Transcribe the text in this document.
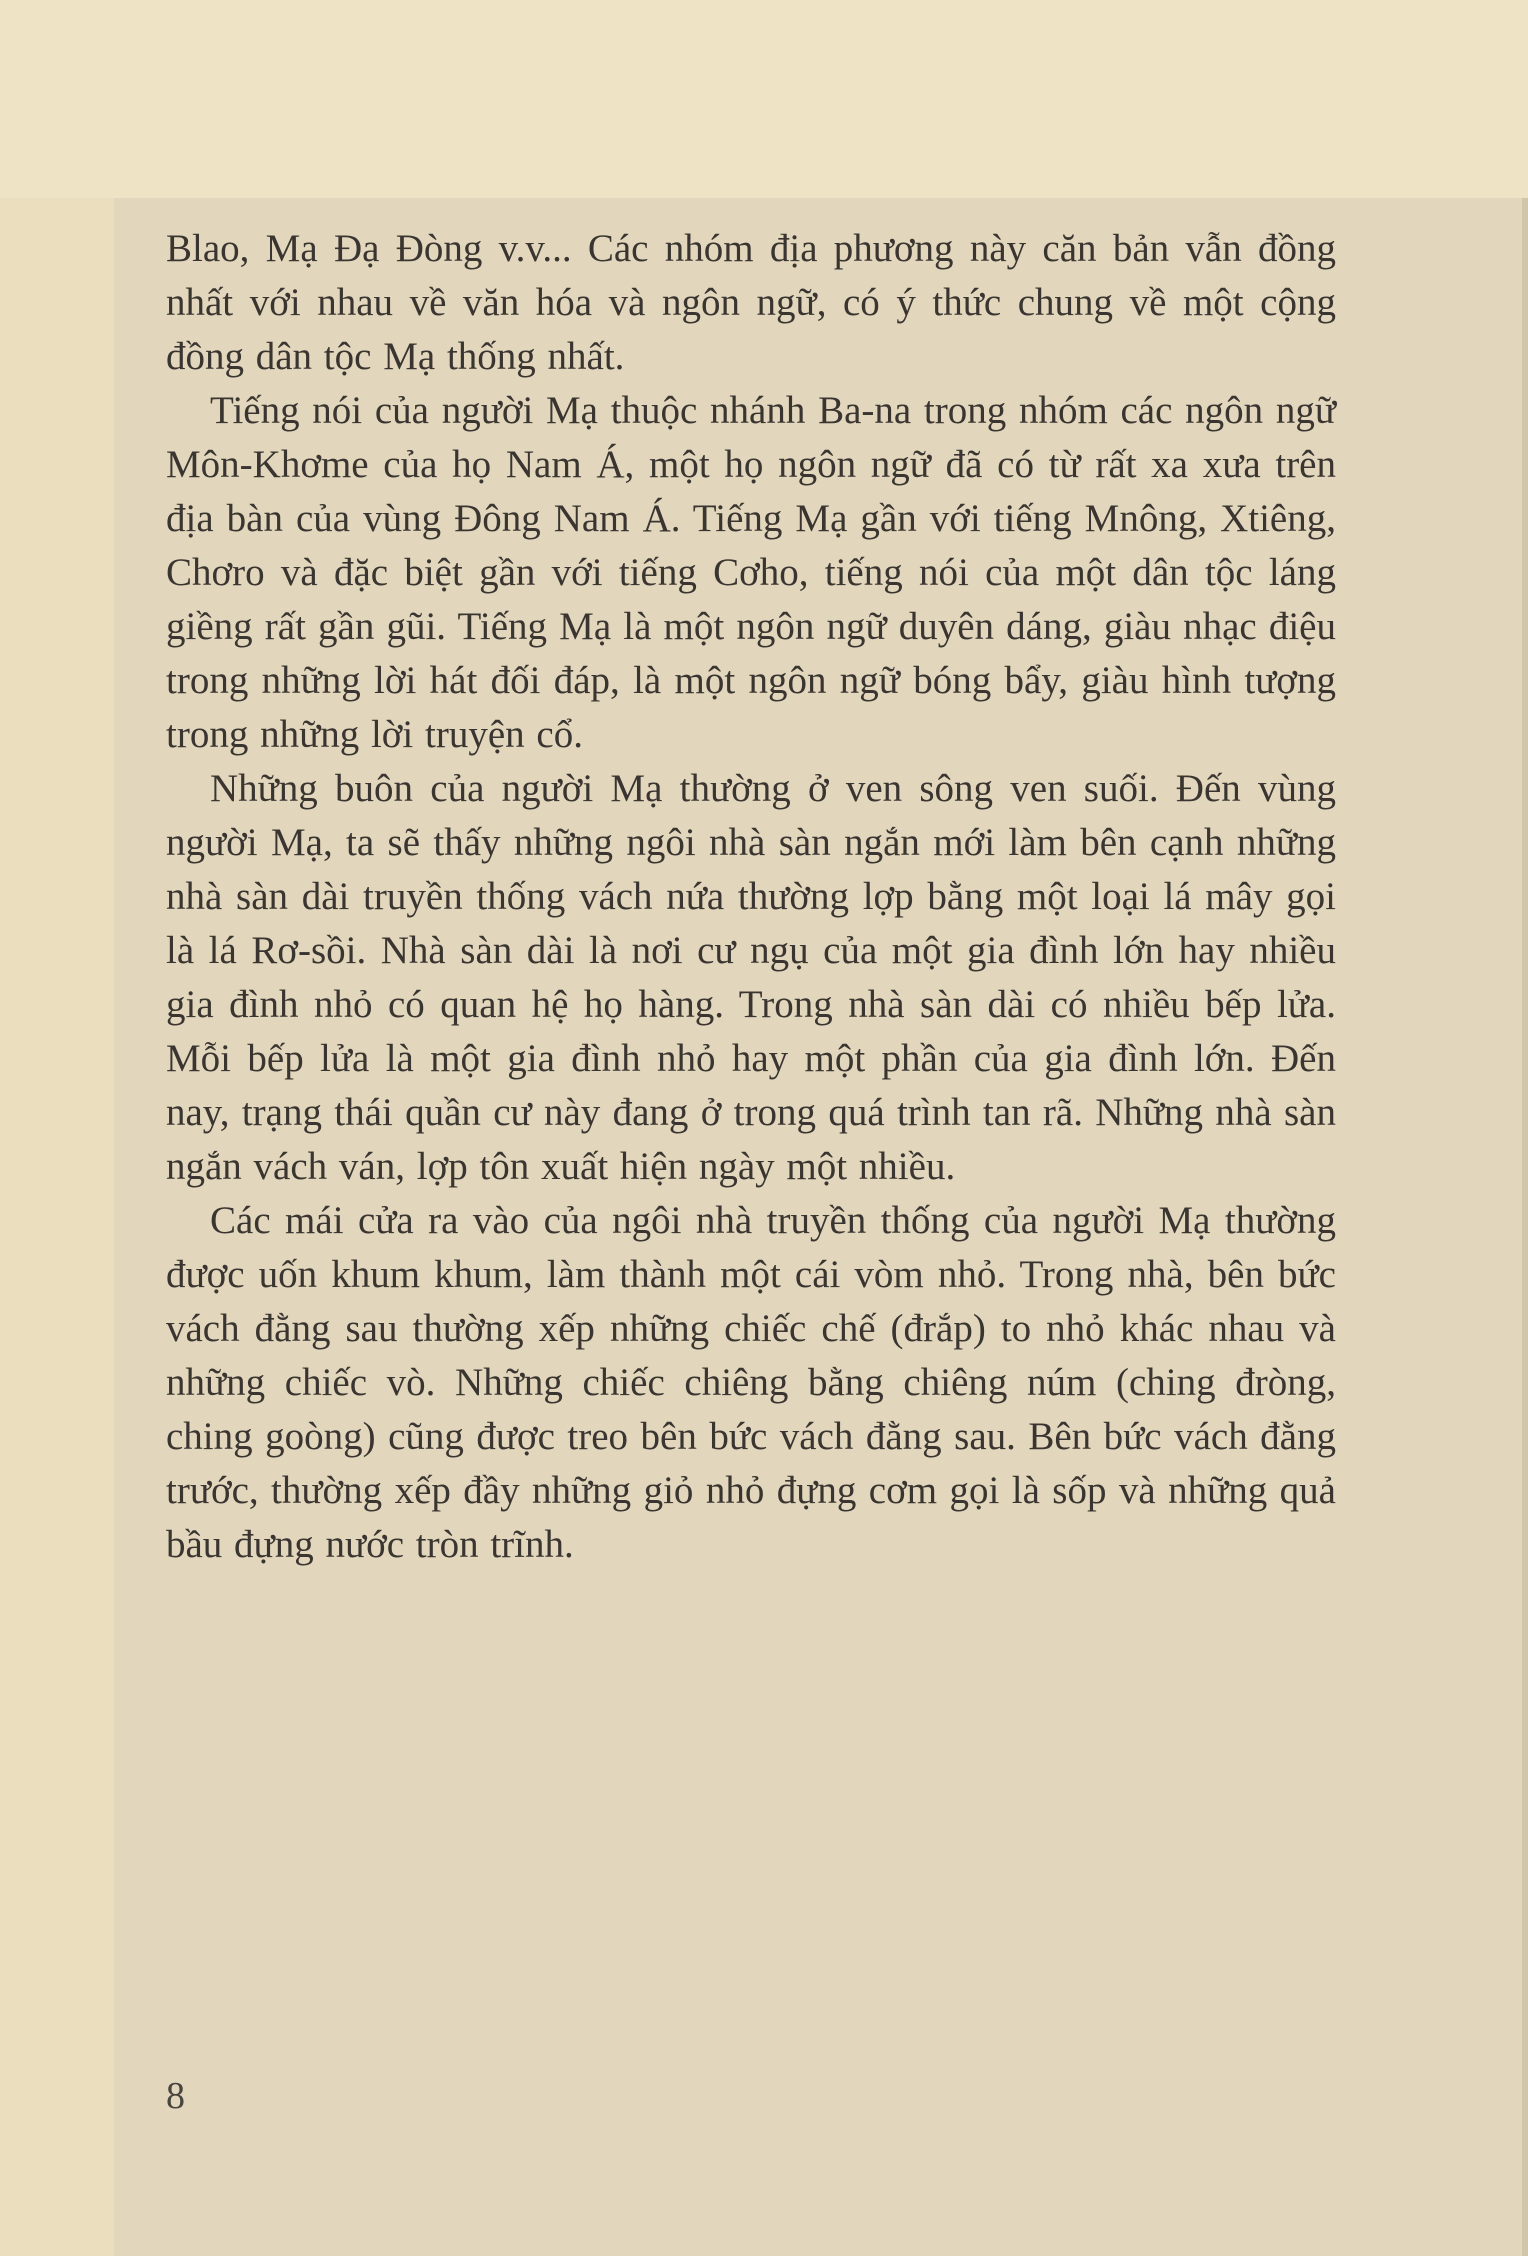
Blao, Mạ Đạ Đòng v.v... Các nhóm địa phương này căn bản vẫn đồng nhất với nhau về văn hóa và ngôn ngữ, có ý thức chung về một cộng đồng dân tộc Mạ thống nhất.

Tiếng nói của người Mạ thuộc nhánh Ba-na trong nhóm các ngôn ngữ Môn-Khơme của họ Nam Á, một họ ngôn ngữ đã có từ rất xa xưa trên địa bàn của vùng Đông Nam Á. Tiếng Mạ gần với tiếng Mnông, Xtiêng, Chơro và đặc biệt gần với tiếng Cơho, tiếng nói của một dân tộc láng giềng rất gần gũi. Tiếng Mạ là một ngôn ngữ duyên dáng, giàu nhạc điệu trong những lời hát đối đáp, là một ngôn ngữ bóng bẩy, giàu hình tượng trong những lời truyện cổ.

Những buôn của người Mạ thường ở ven sông ven suối. Đến vùng người Mạ, ta sẽ thấy những ngôi nhà sàn ngắn mới làm bên cạnh những nhà sàn dài truyền thống vách nứa thường lợp bằng một loại lá mây gọi là lá Rơ-sồi. Nhà sàn dài là nơi cư ngụ của một gia đình lớn hay nhiều gia đình nhỏ có quan hệ họ hàng. Trong nhà sàn dài có nhiều bếp lửa. Mỗi bếp lửa là một gia đình nhỏ hay một phần của gia đình lớn. Đến nay, trạng thái quần cư này đang ở trong quá trình tan rã. Những nhà sàn ngắn vách ván, lợp tôn xuất hiện ngày một nhiều.

Các mái cửa ra vào của ngôi nhà truyền thống của người Mạ thường được uốn khum khum, làm thành một cái vòm nhỏ. Trong nhà, bên bức vách đằng sau thường xếp những chiếc chế (đrắp) to nhỏ khác nhau và những chiếc vò. Những chiếc chiêng bằng chiêng núm (ching đròng, ching goòng) cũng được treo bên bức vách đằng sau. Bên bức vách đằng trước, thường xếp đầy những giỏ nhỏ đựng cơm gọi là sốp và những quả bầu đựng nước tròn trĩnh.

8
